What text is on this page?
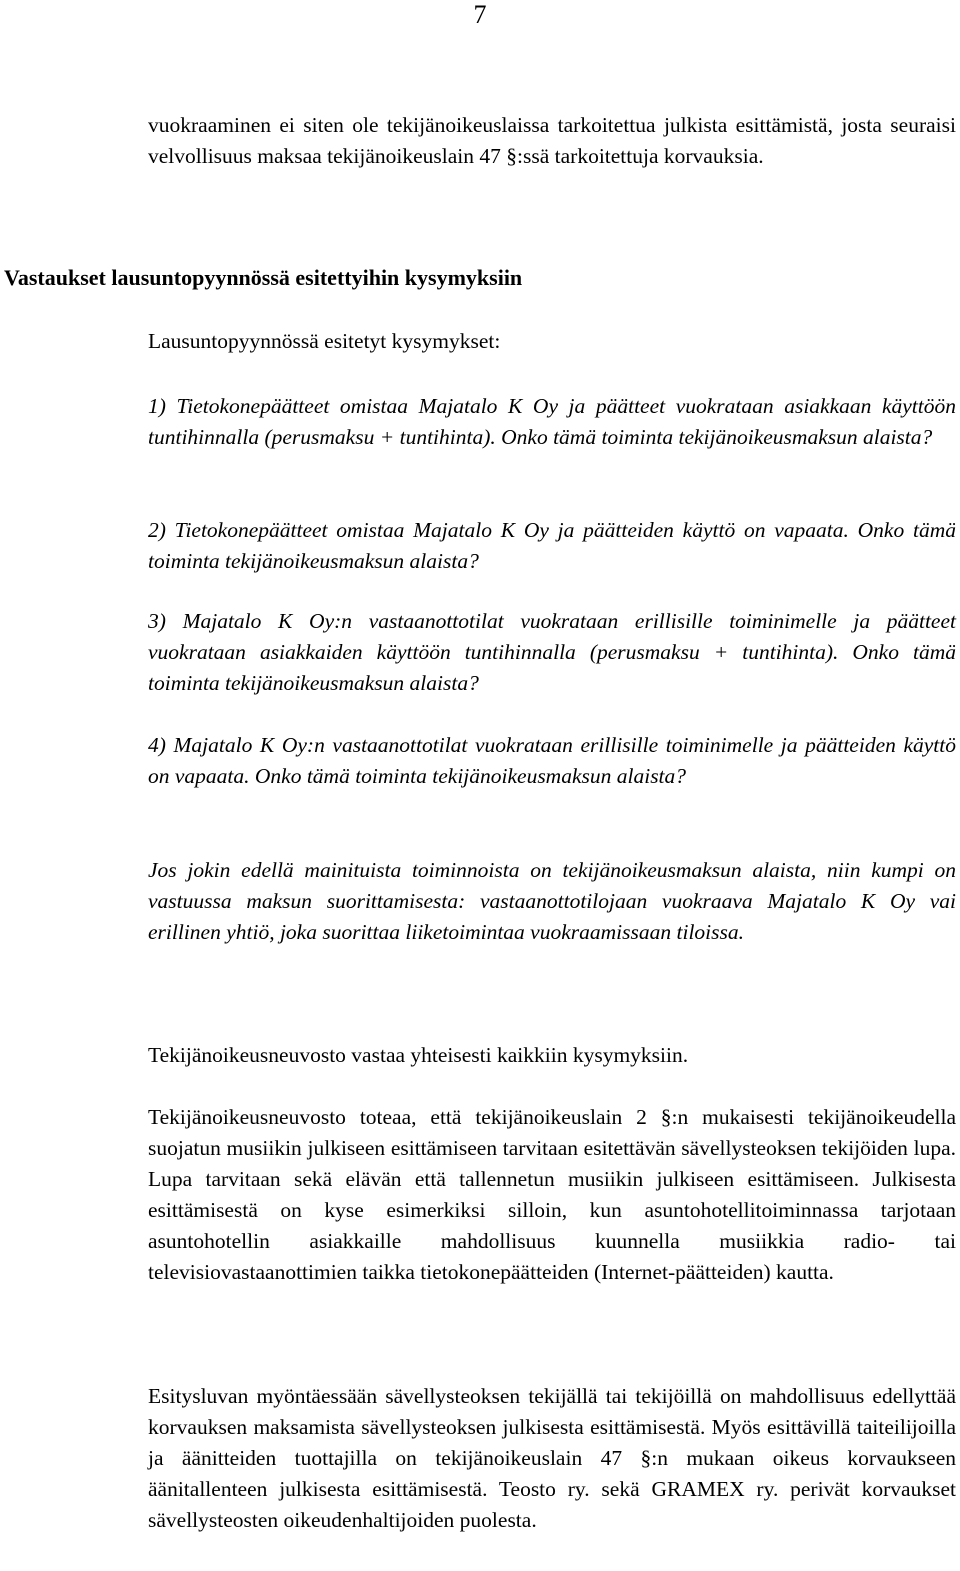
7

vuokraaminen ei siten ole tekijänoikeuslaissa tarkoitettua julkista esittämistä, josta seuraisi velvollisuus maksaa tekijänoikeuslain 47 §:ssä tarkoitettuja korvauksia.

Vastaukset lausuntopyynnössä esitettyihin kysymyksiin

Lausuntopyynnössä esitetyt kysymykset:

1) Tietokonepäätteet omistaa Majatalo K Oy ja päätteet vuokrataan asiakkaan käyttöön tuntihinnalla (perusmaksu + tuntihinta). Onko tämä toiminta tekijänoikeusmaksun alaista?

2) Tietokonepäätteet omistaa Majatalo K Oy ja päätteiden käyttö on vapaata. Onko tämä toiminta tekijänoikeusmaksun alaista?

3) Majatalo K Oy:n vastaanottotilat vuokrataan erillisille toiminimelle ja päätteet vuokrataan asiakkaiden käyttöön tuntihinnalla (perusmaksu + tuntihinta). Onko tämä toiminta tekijänoikeusmaksun alaista?

4) Majatalo K Oy:n vastaanottotilat vuokrataan erillisille toiminimelle ja päätteiden käyttö on vapaata. Onko tämä toiminta tekijänoikeusmaksun alaista?

Jos jokin edellä mainituista toiminnoista on tekijänoikeusmaksun alaista, niin kumpi on vastuussa maksun suorittamisesta: vastaanottotilojaan vuokraava Majatalo K Oy vai erillinen yhtiö, joka suorittaa liiketoimintaa vuokraamissaan tiloissa.

Tekijänoikeusneuvosto vastaa yhteisesti kaikkiin kysymyksiin.

Tekijänoikeusneuvosto toteaa, että tekijänoikeuslain 2 §:n mukaisesti tekijänoikeudella suojatun musiikin julkiseen esittämiseen tarvitaan esitettävän sävellysteoksen tekijöiden lupa. Lupa tarvitaan sekä elävän että tallennetun musiikin julkiseen esittämiseen. Julkisesta esittämisestä on kyse esimerkiksi silloin, kun asuntohotellitoiminnassa tarjotaan asuntohotellin asiakkaille mahdollisuus kuunnella musiikkia radio- tai televisiovastaanottimien taikka tietokonepäätteiden (Internet-päätteiden) kautta.

Esitysluvan myöntäessään sävellysteoksen tekijällä tai tekijöillä on mahdollisuus edellyttää korvauksen maksamista sävellysteoksen julkisesta esittämisestä. Myös esittävillä taiteilijoilla ja äänitteiden tuottajilla on tekijänoikeuslain 47 §:n mukaan oikeus korvaukseen äänitallenteen julkisesta esittämisestä. Teosto ry. sekä GRAMEX ry. perivät korvaukset sävellysteosten oikeudenhaltijoiden puolesta.
